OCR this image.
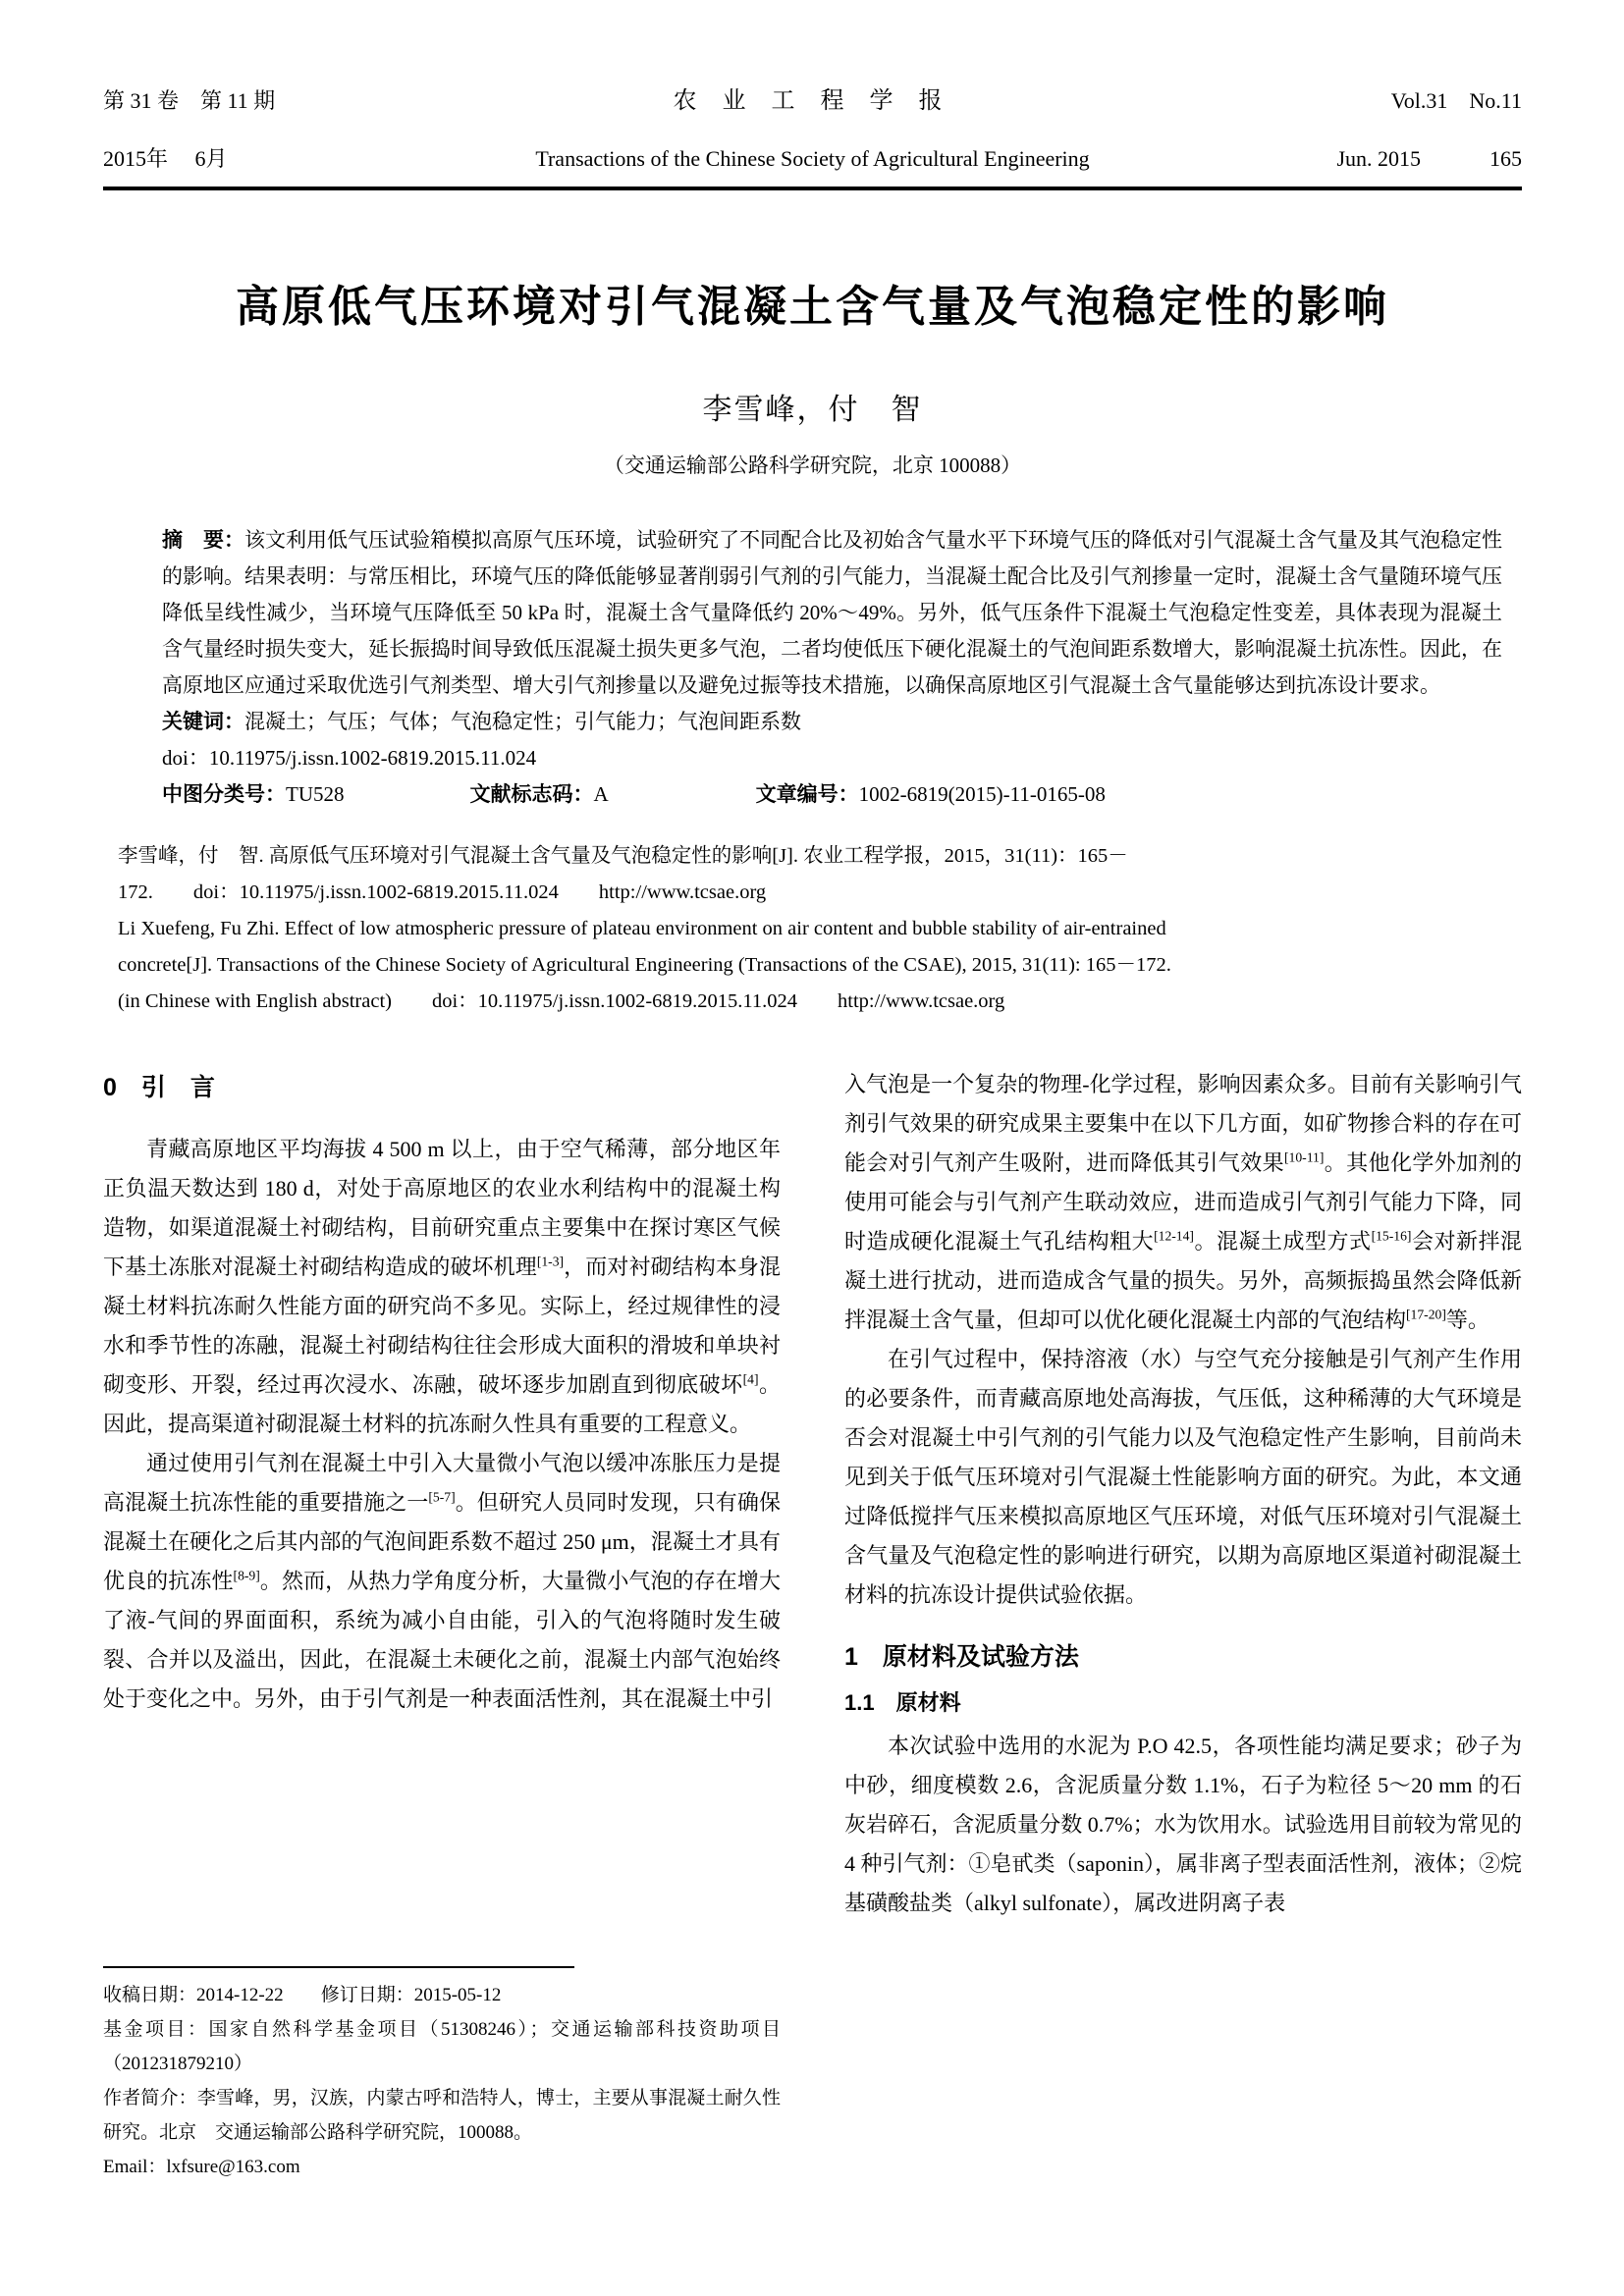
第 31 卷　第 11 期	农 业 工 程 学 报	Vol.31　No.11
2015年　 6月	Transactions of the Chinese Society of Agricultural Engineering	Jun. 2015	165
高原低气压环境对引气混凝土含气量及气泡稳定性的影响
李雪峰，付　智
（交通运输部公路科学研究院，北京 100088）

摘　要：该文利用低气压试验箱模拟高原气压环境，试验研究了不同配合比及初始含气量水平下环境气压的降低对引气混凝土含气量及其气泡稳定性的影响。结果表明：与常压相比，环境气压的降低能够显著削弱引气剂的引气能力，当混凝土配合比及引气剂掺量一定时，混凝土含气量随环境气压降低呈线性减少，当环境气压降低至 50 kPa 时，混凝土含气量降低约 20%～49%。另外，低气压条件下混凝土气泡稳定性变差，具体表现为混凝土含气量经时损失变大，延长振捣时间导致低压混凝土损失更多气泡，二者均使低压下硬化混凝土的气泡间距系数增大，影响混凝土抗冻性。因此，在高原地区应通过采取优选引气剂类型、增大引气剂掺量以及避免过振等技术措施，以确保高原地区引气混凝土含气量能够达到抗冻设计要求。

关键词：混凝土；气压；气体；气泡稳定性；引气能力；气泡间距系数

doi：10.11975/j.issn.1002-6819.2015.11.024

中图分类号：TU528	文献标志码：A	文章编号：1002-6819(2015)-11-0165-08

李雪峰，付　智. 高原低气压环境对引气混凝土含气量及气泡稳定性的影响[J]. 农业工程学报，2015，31(11)：165－
172.　　doi：10.11975/j.issn.1002-6819.2015.11.024　　http://www.tcsae.org
Li Xuefeng, Fu Zhi. Effect of low atmospheric pressure of plateau environment on air content and bubble stability of air-entrained
concrete[J]. Transactions of the Chinese Society of Agricultural Engineering (Transactions of the CSAE), 2015, 31(11): 165－172.
(in Chinese with English abstract)　　doi：10.11975/j.issn.1002-6819.2015.11.024　　http://www.tcsae.org
0　引　言

青藏高原地区平均海拔 4 500 m 以上，由于空气稀薄，部分地区年正负温天数达到 180 d，对处于高原地区的农业水利结构中的混凝土构造物，如渠道混凝土衬砌结构，目前研究重点主要集中在探讨寒区气候下基土冻胀对混凝土衬砌结构造成的破坏机理[1-3]，而对衬砌结构本身混凝土材料抗冻耐久性能方面的研究尚不多见。实际上，经过规律性的浸水和季节性的冻融，混凝土衬砌结构往往会形成大面积的滑坡和单块衬砌变形、开裂，经过再次浸水、冻融，破坏逐步加剧直到彻底破坏[4]。因此，提高渠道衬砌混凝土材料的抗冻耐久性具有重要的工程意义。

通过使用引气剂在混凝土中引入大量微小气泡以缓冲冻胀压力是提高混凝土抗冻性能的重要措施之一[5-7]。但研究人员同时发现，只有确保混凝土在硬化之后其内部的气泡间距系数不超过 250 μm，混凝土才具有优良的抗冻性[8-9]。然而，从热力学角度分析，大量微小气泡的存在增大了液-气间的界面面积，系统为减小自由能，引入的气泡将随时发生破裂、合并以及溢出，因此，在混凝土未硬化之前，混凝土内部气泡始终处于变化之中。另外，由于引气剂是一种表面活性剂，其在混凝土中引

收稿日期：2014-12-22　　 修订日期：2015-05-12
基金项目：国家自然科学基金项目（51308246）；交通运输部科技资助项目（201231879210）
作者简介：李雪峰，男，汉族，内蒙古呼和浩特人，博士，主要从事混凝土耐久性研究。北京　交通运输部公路科学研究院，100088。
Email：lxfsure@163.com

入气泡是一个复杂的物理-化学过程，影响因素众多。目前有关影响引气剂引气效果的研究成果主要集中在以下几方面，如矿物掺合料的存在可能会对引气剂产生吸附，进而降低其引气效果[10-11]。其他化学外加剂的使用可能会与引气剂产生联动效应，进而造成引气剂引气能力下降，同时造成硬化混凝土气孔结构粗大[12-14]。混凝土成型方式[15-16]会对新拌混凝土进行扰动，进而造成含气量的损失。另外，高频振捣虽然会降低新拌混凝土含气量，但却可以优化硬化混凝土内部的气泡结构[17-20]等。

在引气过程中，保持溶液（水）与空气充分接触是引气剂产生作用的必要条件，而青藏高原地处高海拔，气压低，这种稀薄的大气环境是否会对混凝土中引气剂的引气能力以及气泡稳定性产生影响，目前尚未见到关于低气压环境对引气混凝土性能影响方面的研究。为此，本文通过降低搅拌气压来模拟高原地区气压环境，对低气压环境对引气混凝土含气量及气泡稳定性的影响进行研究，以期为高原地区渠道衬砌混凝土材料的抗冻设计提供试验依据。

1　原材料及试验方法
1.1　原材料

本次试验中选用的水泥为 P.O 42.5，各项性能均满足要求；砂子为中砂，细度模数 2.6，含泥质量分数 1.1%，石子为粒径 5～20 mm 的石灰岩碎石，含泥质量分数 0.7%；水为饮用水。试验选用目前较为常见的 4 种引气剂：①皂甙类（saponin），属非离子型表面活性剂，液体；②烷基磺酸盐类（alkyl sulfonate），属改进阴离子表
